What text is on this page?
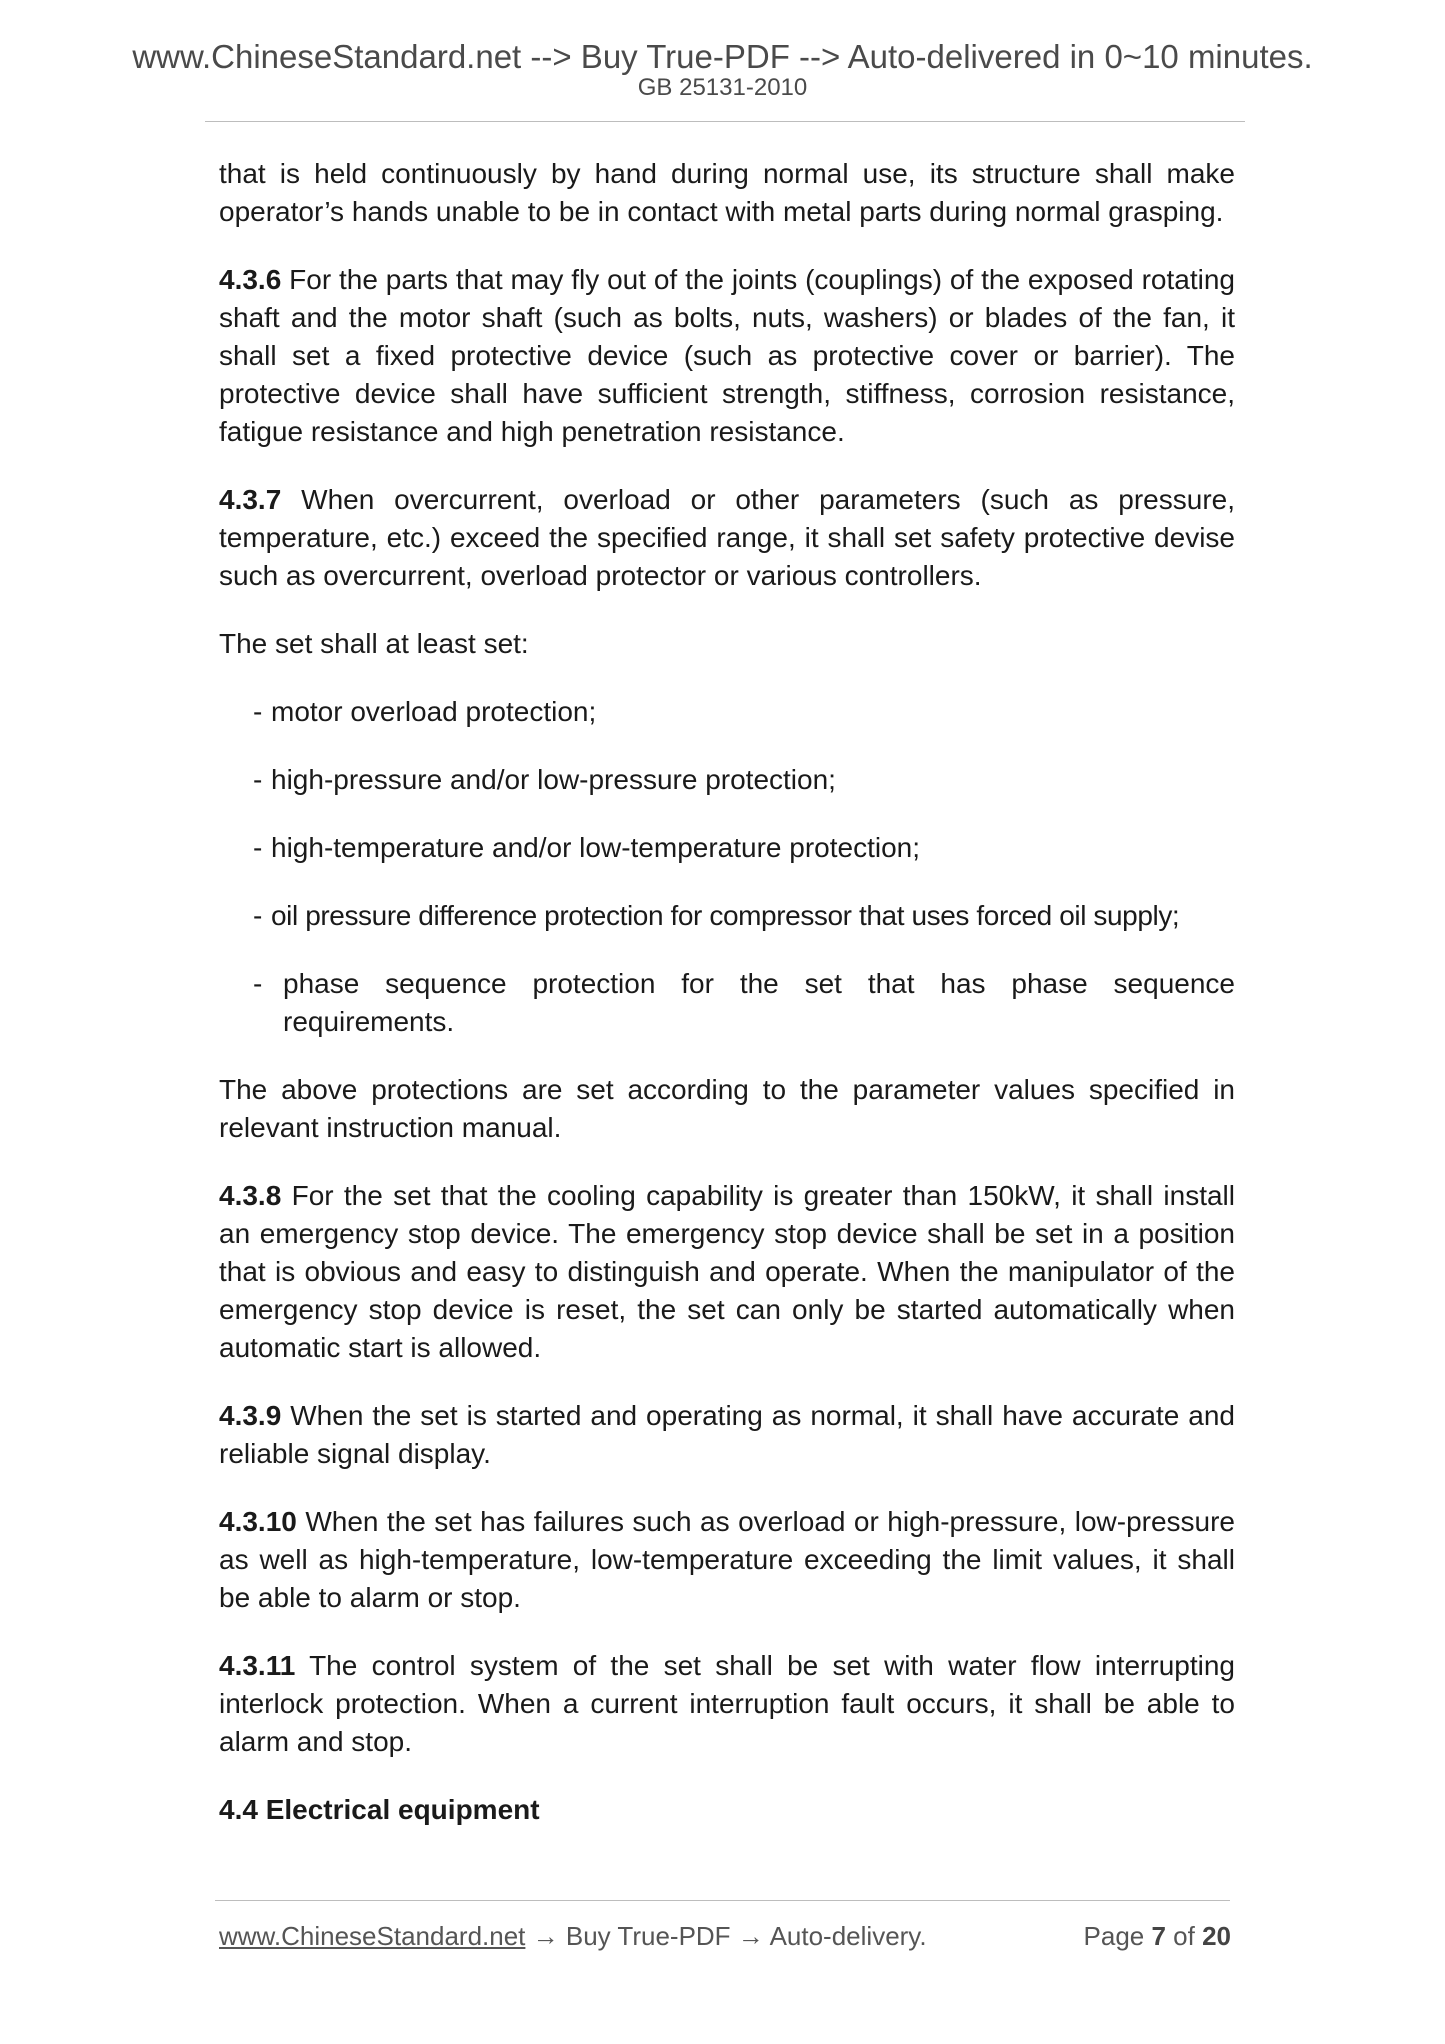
www.ChineseStandard.net --> Buy True-PDF --> Auto-delivered in 0~10 minutes.
GB 25131-2010

that is held continuously by hand during normal use, its structure shall make operator’s hands unable to be in contact with metal parts during normal grasping.

4.3.6 For the parts that may fly out of the joints (couplings) of the exposed rotating shaft and the motor shaft (such as bolts, nuts, washers) or blades of the fan, it shall set a fixed protective device (such as protective cover or barrier). The protective device shall have sufficient strength, stiffness, corrosion resistance, fatigue resistance and high penetration resistance.

4.3.7 When overcurrent, overload or other parameters (such as pressure, temperature, etc.) exceed the specified range, it shall set safety protective devise such as overcurrent, overload protector or various controllers.

The set shall at least set:

- motor overload protection;
- high-pressure and/or low-pressure protection;
- high-temperature and/or low-temperature protection;
- oil pressure difference protection for compressor that uses forced oil supply;
- phase sequence protection for the set that has phase sequence requirements.

The above protections are set according to the parameter values specified in relevant instruction manual.

4.3.8 For the set that the cooling capability is greater than 150kW, it shall install an emergency stop device. The emergency stop device shall be set in a position that is obvious and easy to distinguish and operate. When the manipulator of the emergency stop device is reset, the set can only be started automatically when automatic start is allowed.

4.3.9 When the set is started and operating as normal, it shall have accurate and reliable signal display.

4.3.10 When the set has failures such as overload or high-pressure, low-pressure as well as high-temperature, low-temperature exceeding the limit values, it shall be able to alarm or stop.

4.3.11 The control system of the set shall be set with water flow interrupting interlock protection. When a current interruption fault occurs, it shall be able to alarm and stop.

4.4 Electrical equipment

www.ChineseStandard.net → Buy True-PDF → Auto-delivery.	Page 7 of 20
